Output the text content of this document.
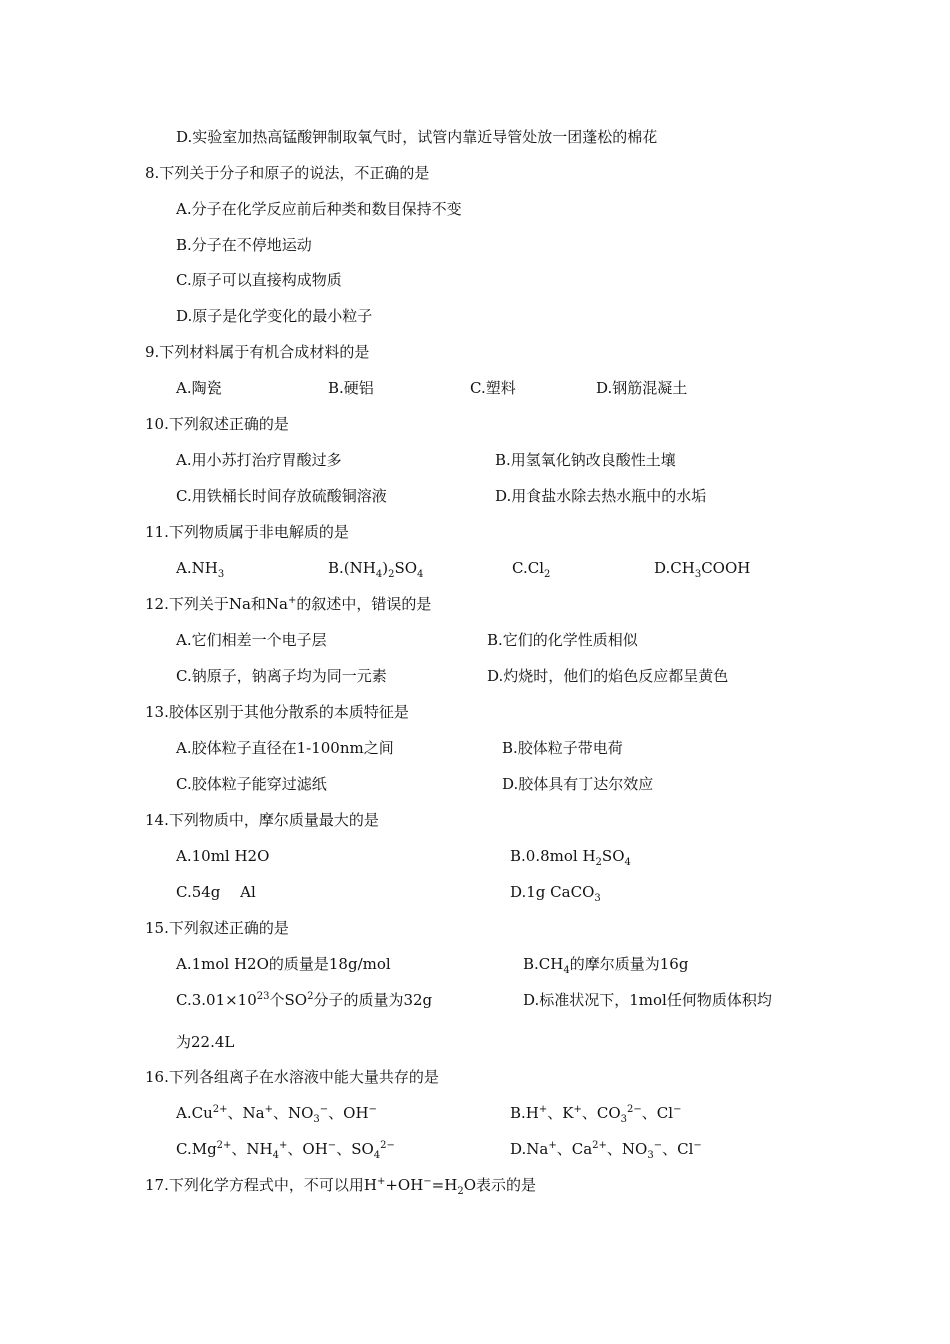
D.实验室加热高锰酸钾制取氧气时，试管内靠近导管处放一团蓬松的棉花
8.下列关于分子和原子的说法，不正确的是
A.分子在化学反应前后种类和数目保持不变
B.分子在不停地运动
C.原子可以直接构成物质
D.原子是化学变化的最小粒子
9.下列材料属于有机合成材料的是
A.陶瓷	B.硬铝	C.塑料	D.钢筋混凝土
10.下列叙述正确的是
A.用小苏打治疗胃酸过多	B.用氢氧化钠改良酸性土壤
C.用铁桶长时间存放硫酸铜溶液	D.用食盐水除去热水瓶中的水垢
11.下列物质属于非电解质的是
$A.NH_3$	$B.(NH_4)_2SO_4$	$C.Cl_2$	$D.CH_3COOH$
12.下列关于Na和Na+的叙述中，错误的是
A.它们相差一个电子层	B.它们的化学性质相似
C.钠原子，钠离子均为同一元素	D.灼烧时，他们的焰色反应都呈黄色
13.胶体区别于其他分散系的本质特征是
A.胶体粒子直径在1-100nm之间	B.胶体粒子带电荷
C.胶体粒子能穿过滤纸	D.胶体具有丁达尔效应
14.下列物质中，摩尔质量最大的是
A.10ml H2O	B.0.8mol $H_2SO_4$
C.54g　 Al	D.1g CaCO$_3$
15.下列叙述正确的是
A.1mol H2O的质量是18g/mol	$B.CH_4$的摩尔质量为16g
$C.3.01\times 10^{23}$个$SO^2$分子的质量为32g	D.标准状况下，1mol任何物质体积均
为22.4L
16.下列各组离子在水溶液中能大量共存的是
$A.Cu^{2+}$、Na+、$NO_3^-$、OH−	B.H+、K+、$CO_3^{2-}$、Cl−
$C.Mg^{2+}$、$NH_4^+$、OH−、$SO_4^{2-}$	D.Na+、$Ca^{2+}$、$NO_3^-$、Cl−
17.下列化学方程式中，不可以用$H^++OH^-=H_2O$表示的是
